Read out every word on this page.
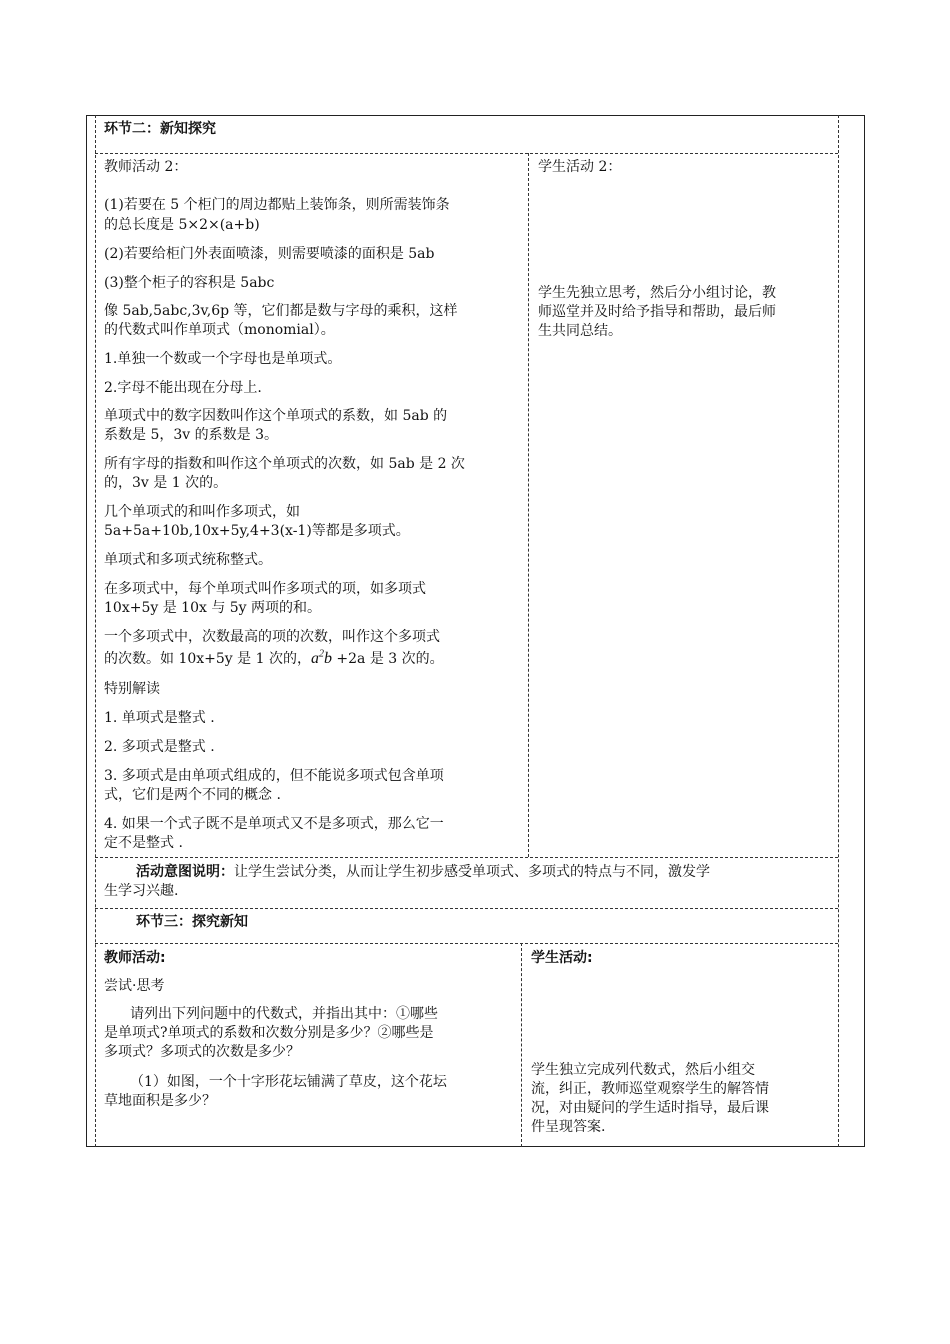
环节二：新知探究
教师活动 2：
(1)若要在 5 个柜门的周边都贴上装饰条，则所需装饰条
的总长度是 5×2×(a+b)
(2)若要给柜门外表面喷漆，则需要喷漆的面积是 5ab
(3)整个柜子的容积是 5abc
像 5ab,5abc,3v,6p 等，它们都是数与字母的乘积，这样
的代数式叫作单项式（monomial）。
1.单独一个数或一个字母也是单项式。
2.字母不能出现在分母上.
单项式中的数字因数叫作这个单项式的系数，如 5ab 的
系数是 5，3v 的系数是 3。
所有字母的指数和叫作这个单项式的次数，如 5ab 是 2 次
的，3v 是 1 次的。
几个单项式的和叫作多项式，如
5a+5a+10b,10x+5y,4+3(x-1)等都是多项式。
单项式和多项式统称整式。
在多项式中，每个单项式叫作多项式的项，如多项式
10x+5y 是 10x 与 5y 两项的和。
一个多项式中，次数最高的项的次数，叫作这个多项式
的次数。如 10x+5y 是 1 次的，$a^2b +2a$ 是 3 次的。
特别解读
1. 单项式是整式 .
2. 多项式是整式 .
3. 多项式是由单项式组成的，但不能说多项式包含单项
式，它们是两个不同的概念 .
4. 如果一个式子既不是单项式又不是多项式，那么它一
定不是整式 .
学生活动 2：
学生先独立思考，然后分小组讨论，教
师巡堂并及时给予指导和帮助，最后师
生共同总结。
活动意图说明：让学生尝试分类，从而让学生初步感受单项式、多项式的特点与不同，激发学
生学习兴趣.
环节三：探究新知
教师活动:
尝试·思考
请列出下列问题中的代数式，并指出其中：①哪些
是单项式?单项式的系数和次数分别是多少？②哪些是
多项式？多项式的次数是多少？
（1）如图，一个十字形花坛铺满了草皮，这个花坛
草地面积是多少？
学生活动:
学生独立完成列代数式，然后小组交
流，纠正，教师巡堂观察学生的解答情
况，对由疑问的学生适时指导，最后课
件呈现答案.
